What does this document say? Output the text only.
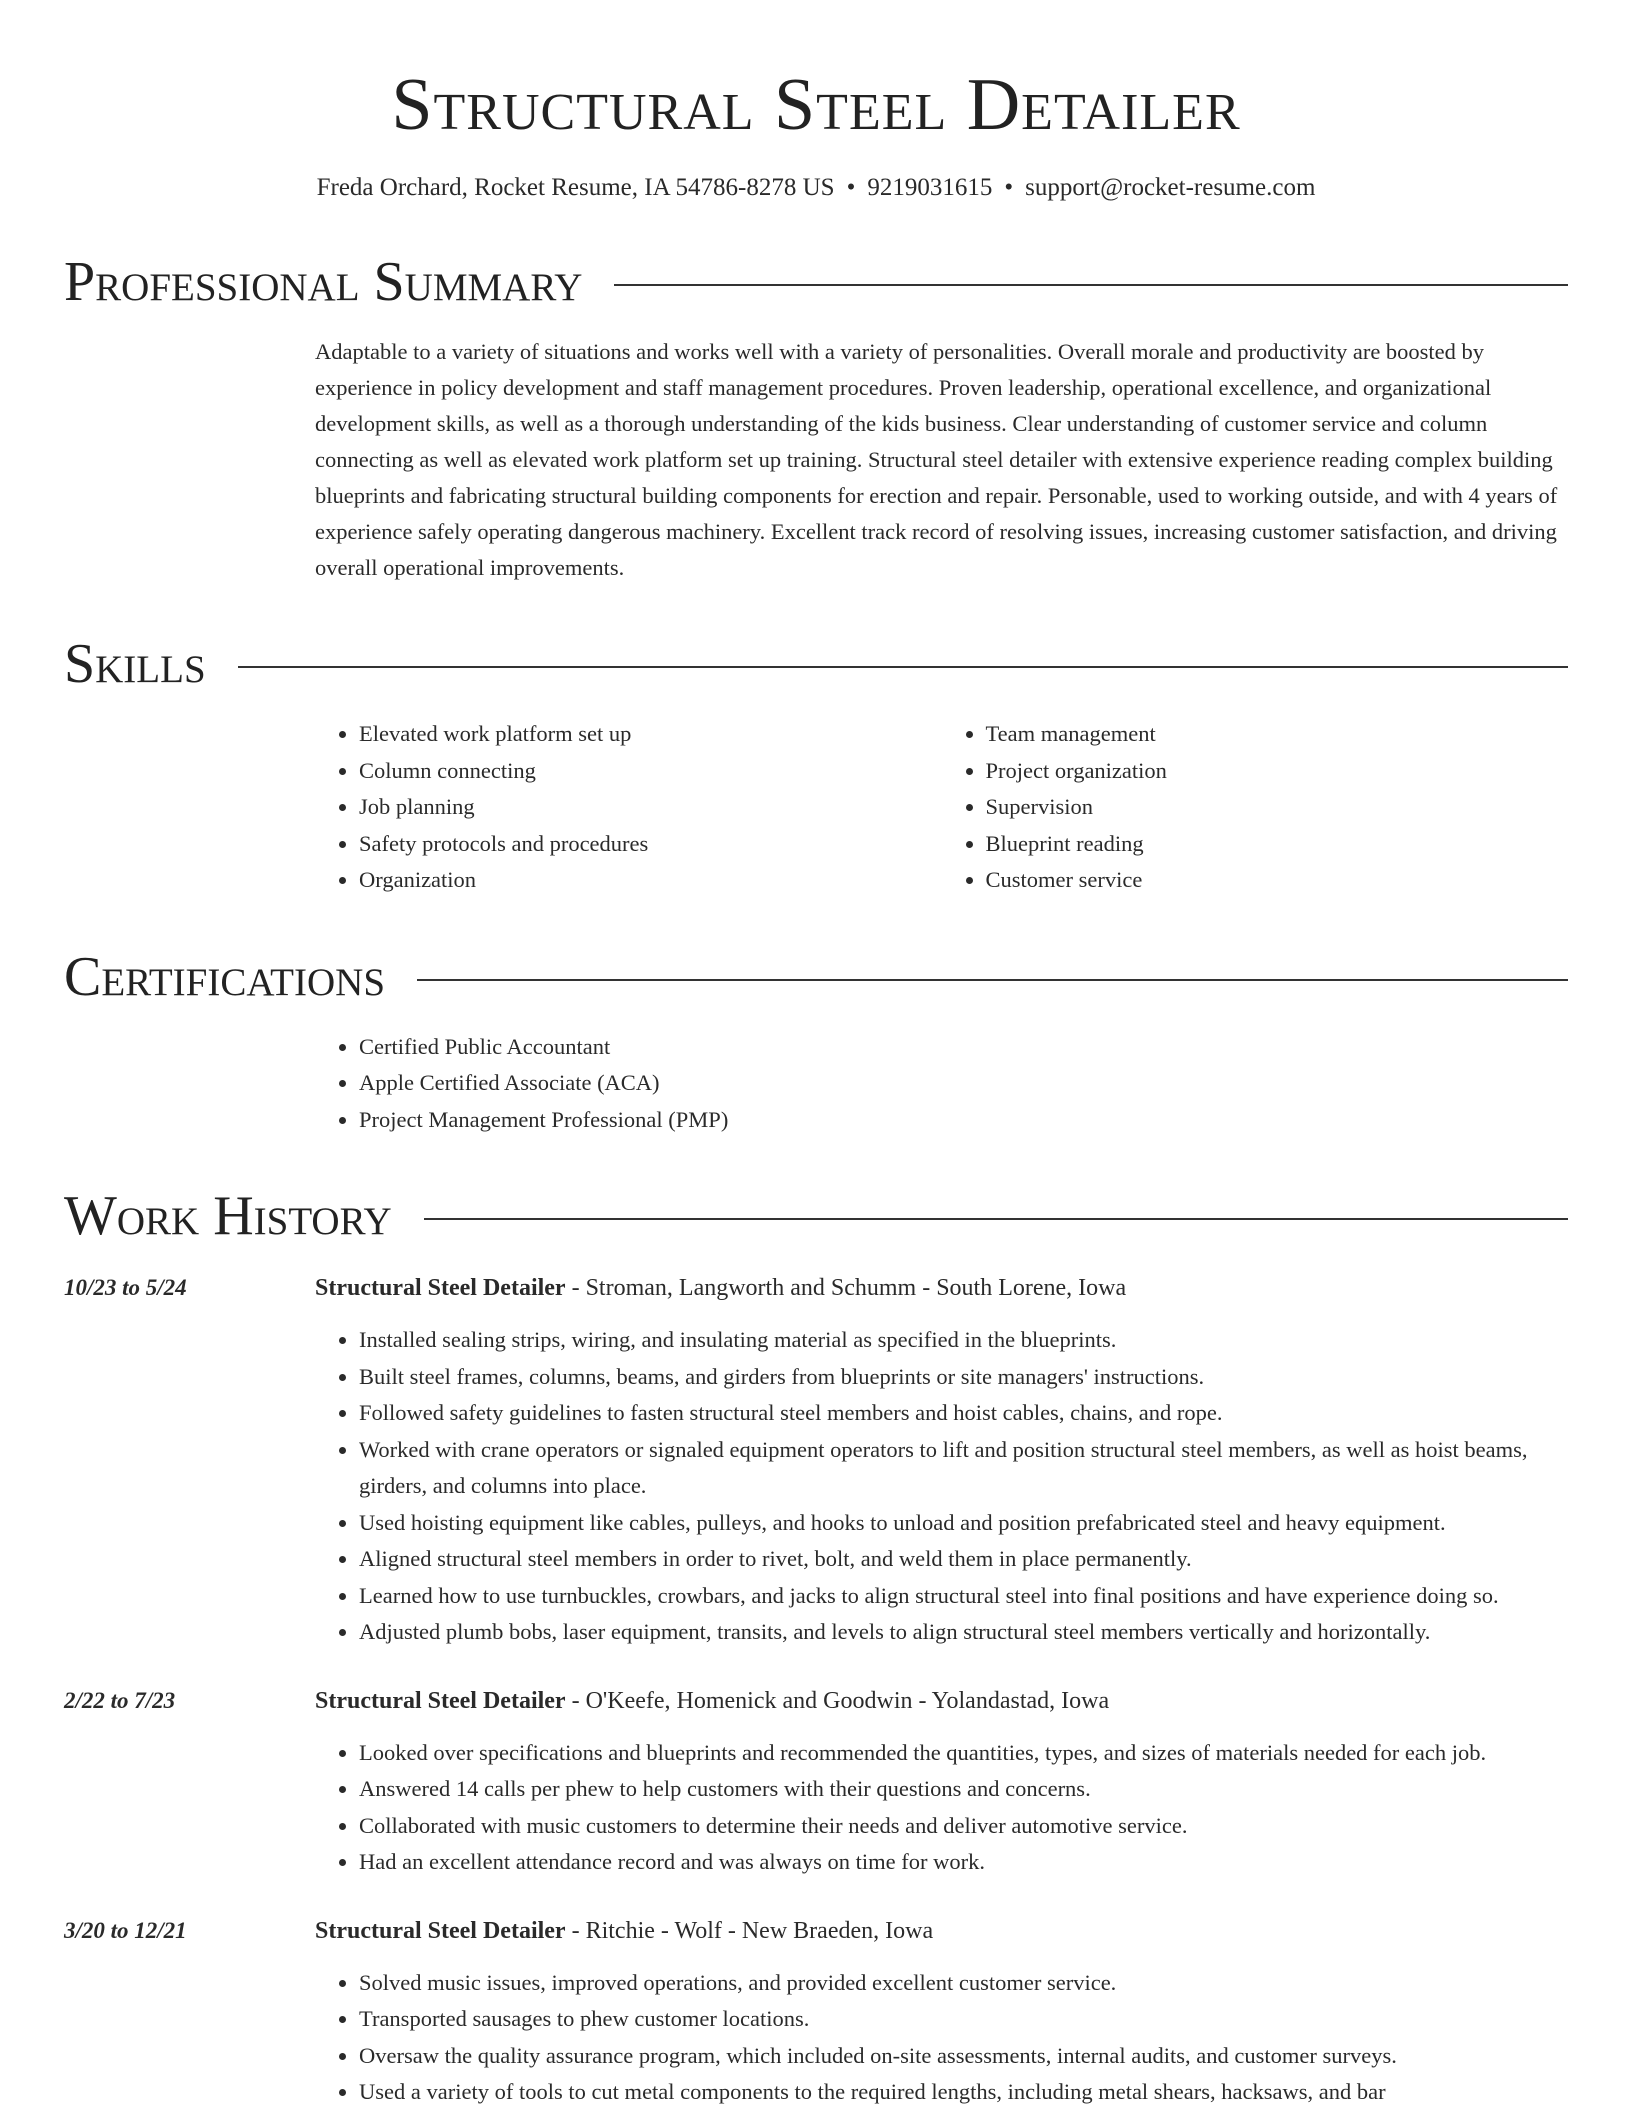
Structural Steel Detailer
Freda Orchard, Rocket Resume, IA 54786-8278 US • 9219031615 • support@rocket-resume.com
Professional Summary
Adaptable to a variety of situations and works well with a variety of personalities. Overall morale and productivity are boosted by experience in policy development and staff management procedures. Proven leadership, operational excellence, and organizational development skills, as well as a thorough understanding of the kids business. Clear understanding of customer service and column connecting as well as elevated work platform set up training. Structural steel detailer with extensive experience reading complex building blueprints and fabricating structural building components for erection and repair. Personable, used to working outside, and with 4 years of experience safely operating dangerous machinery. Excellent track record of resolving issues, increasing customer satisfaction, and driving overall operational improvements.
Skills
• Elevated work platform set up
• Column connecting
• Job planning
• Safety protocols and procedures
• Organization
• Team management
• Project organization
• Supervision
• Blueprint reading
• Customer service
Certifications
• Certified Public Accountant
• Apple Certified Associate (ACA)
• Project Management Professional (PMP)
Work History
10/23 to 5/24	Structural Steel Detailer - Stroman, Langworth and Schumm - South Lorene, Iowa
• Installed sealing strips, wiring, and insulating material as specified in the blueprints.
• Built steel frames, columns, beams, and girders from blueprints or site managers' instructions.
• Followed safety guidelines to fasten structural steel members and hoist cables, chains, and rope.
• Worked with crane operators or signaled equipment operators to lift and position structural steel members, as well as hoist beams, girders, and columns into place.
• Used hoisting equipment like cables, pulleys, and hooks to unload and position prefabricated steel and heavy equipment.
• Aligned structural steel members in order to rivet, bolt, and weld them in place permanently.
• Learned how to use turnbuckles, crowbars, and jacks to align structural steel into final positions and have experience doing so.
• Adjusted plumb bobs, laser equipment, transits, and levels to align structural steel members vertically and horizontally.
2/22 to 7/23	Structural Steel Detailer - O'Keefe, Homenick and Goodwin - Yolandastad, Iowa
• Looked over specifications and blueprints and recommended the quantities, types, and sizes of materials needed for each job.
• Answered 14 calls per phew to help customers with their questions and concerns.
• Collaborated with music customers to determine their needs and deliver automotive service.
• Had an excellent attendance record and was always on time for work.
3/20 to 12/21	Structural Steel Detailer - Ritchie - Wolf - New Braeden, Iowa
• Solved music issues, improved operations, and provided excellent customer service.
• Transported sausages to phew customer locations.
• Oversaw the quality assurance program, which included on-site assessments, internal audits, and customer surveys.
• Used a variety of tools to cut metal components to the required lengths, including metal shears, hacksaws, and bar
